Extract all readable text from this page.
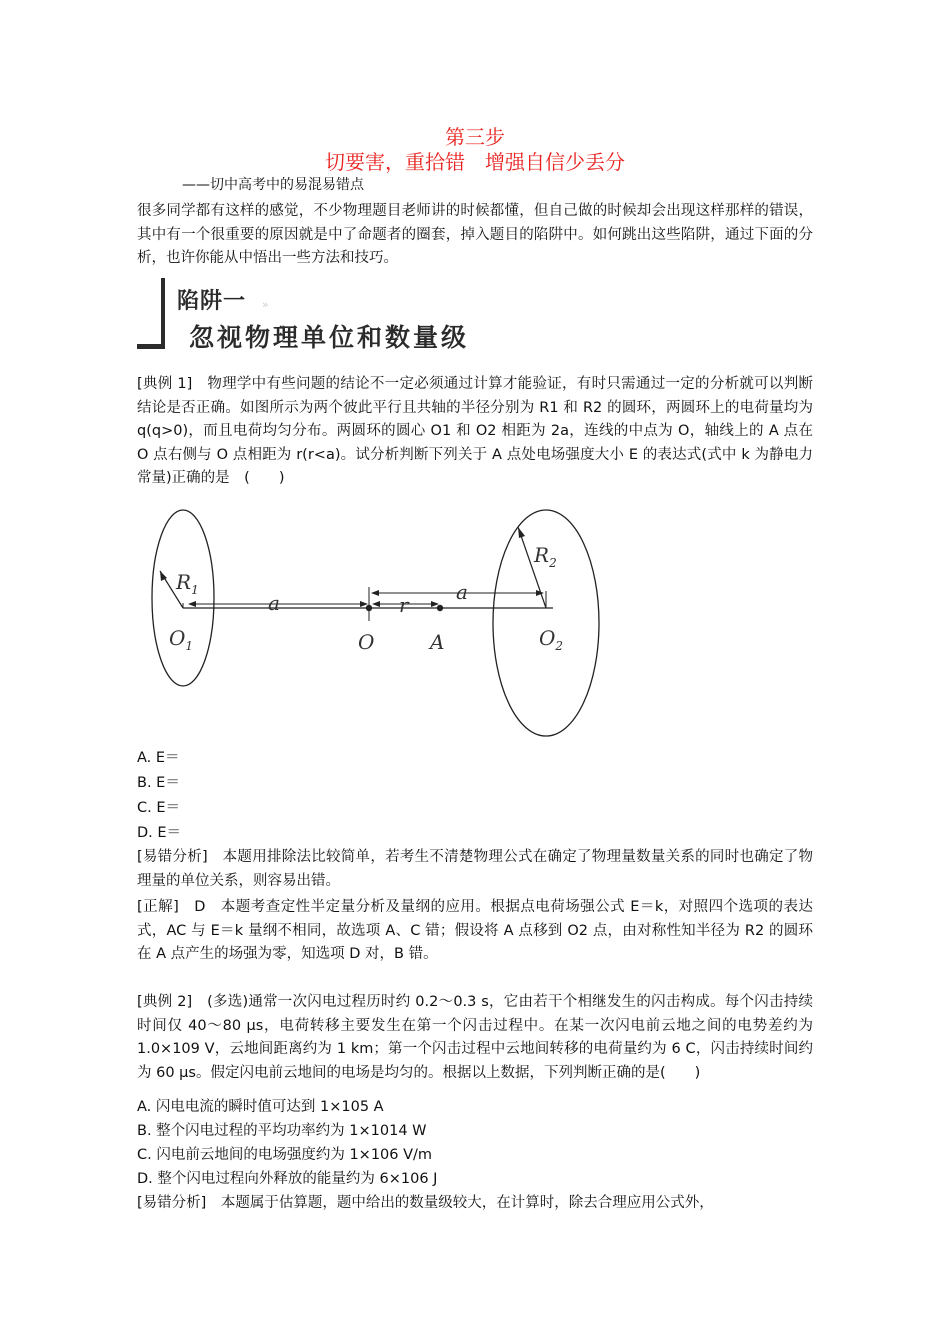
第三步
切要害，重拾错　增强自信少丢分
——切中高考中的易混易错点

很多同学都有这样的感觉，不少物理题目老师讲的时候都懂，但自己做的时候却会出现这样那样的错误，其中有一个很重要的原因就是中了命题者的圈套，掉入题目的陷阱中。如何跳出这些陷阱，通过下面的分析，也许你能从中悟出一些方法和技巧。

陷阱一 »
忽视物理单位和数量级

[典例 1]　物理学中有些问题的结论不一定必须通过计算才能验证，有时只需通过一定的分析就可以判断结论是否正确。如图所示为两个彼此平行且共轴的半径分别为 R1 和 R2 的圆环，两圆环上的电荷量均为 q(q>0)，而且电荷均匀分布。两圆环的圆心 O1 和 O2 相距为 2a，连线的中点为 O，轴线上的 A 点在 O 点右侧与 O 点相距为 r(r<a)。试分析判断下列关于 A 点处电场强度大小 E 的表达式(式中 k 为静电力常量)正确的是　(　　)

$R_1$
$R_2$
a	r
a
$O_1$	O	A	$O_2$
A. E＝
B. E＝
C. E＝
D. E＝

[易错分析]　本题用排除法比较简单，若考生不清楚物理公式在确定了物理量数量关系的同时也确定了物理量的单位关系，则容易出错。

[正解]　D　本题考查定性半定量分析及量纲的应用。根据点电荷场强公式 E＝k，对照四个选项的表达式，AC 与 E＝k 量纲不相同，故选项 A、C 错；假设将 A 点移到 O2 点，由对称性知半径为 R2 的圆环在 A 点产生的场强为零，知选项 D 对，B 错。

[典例 2]　(多选)通常一次闪电过程历时约 0.2～0.3 s，它由若干个相继发生的闪击构成。每个闪击持续时间仅 40～80 μs，电荷转移主要发生在第一个闪击过程中。在某一次闪电前云地之间的电势差约为 1.0×109 V，云地间距离约为 1 km；第一个闪击过程中云地间转移的电荷量约为 6 C，闪击持续时间约为 60 μs。假定闪电前云地间的电场是均匀的。根据以上数据，下列判断正确的是(　　)

A. 闪电电流的瞬时值可达到 1×105 A
B. 整个闪电过程的平均功率约为 1×1014 W
C. 闪电前云地间的电场强度约为 1×106 V/m
D. 整个闪电过程向外释放的能量约为 6×106 J

[易错分析]　本题属于估算题，题中给出的数量级较大，在计算时，除去合理应用公式外，
